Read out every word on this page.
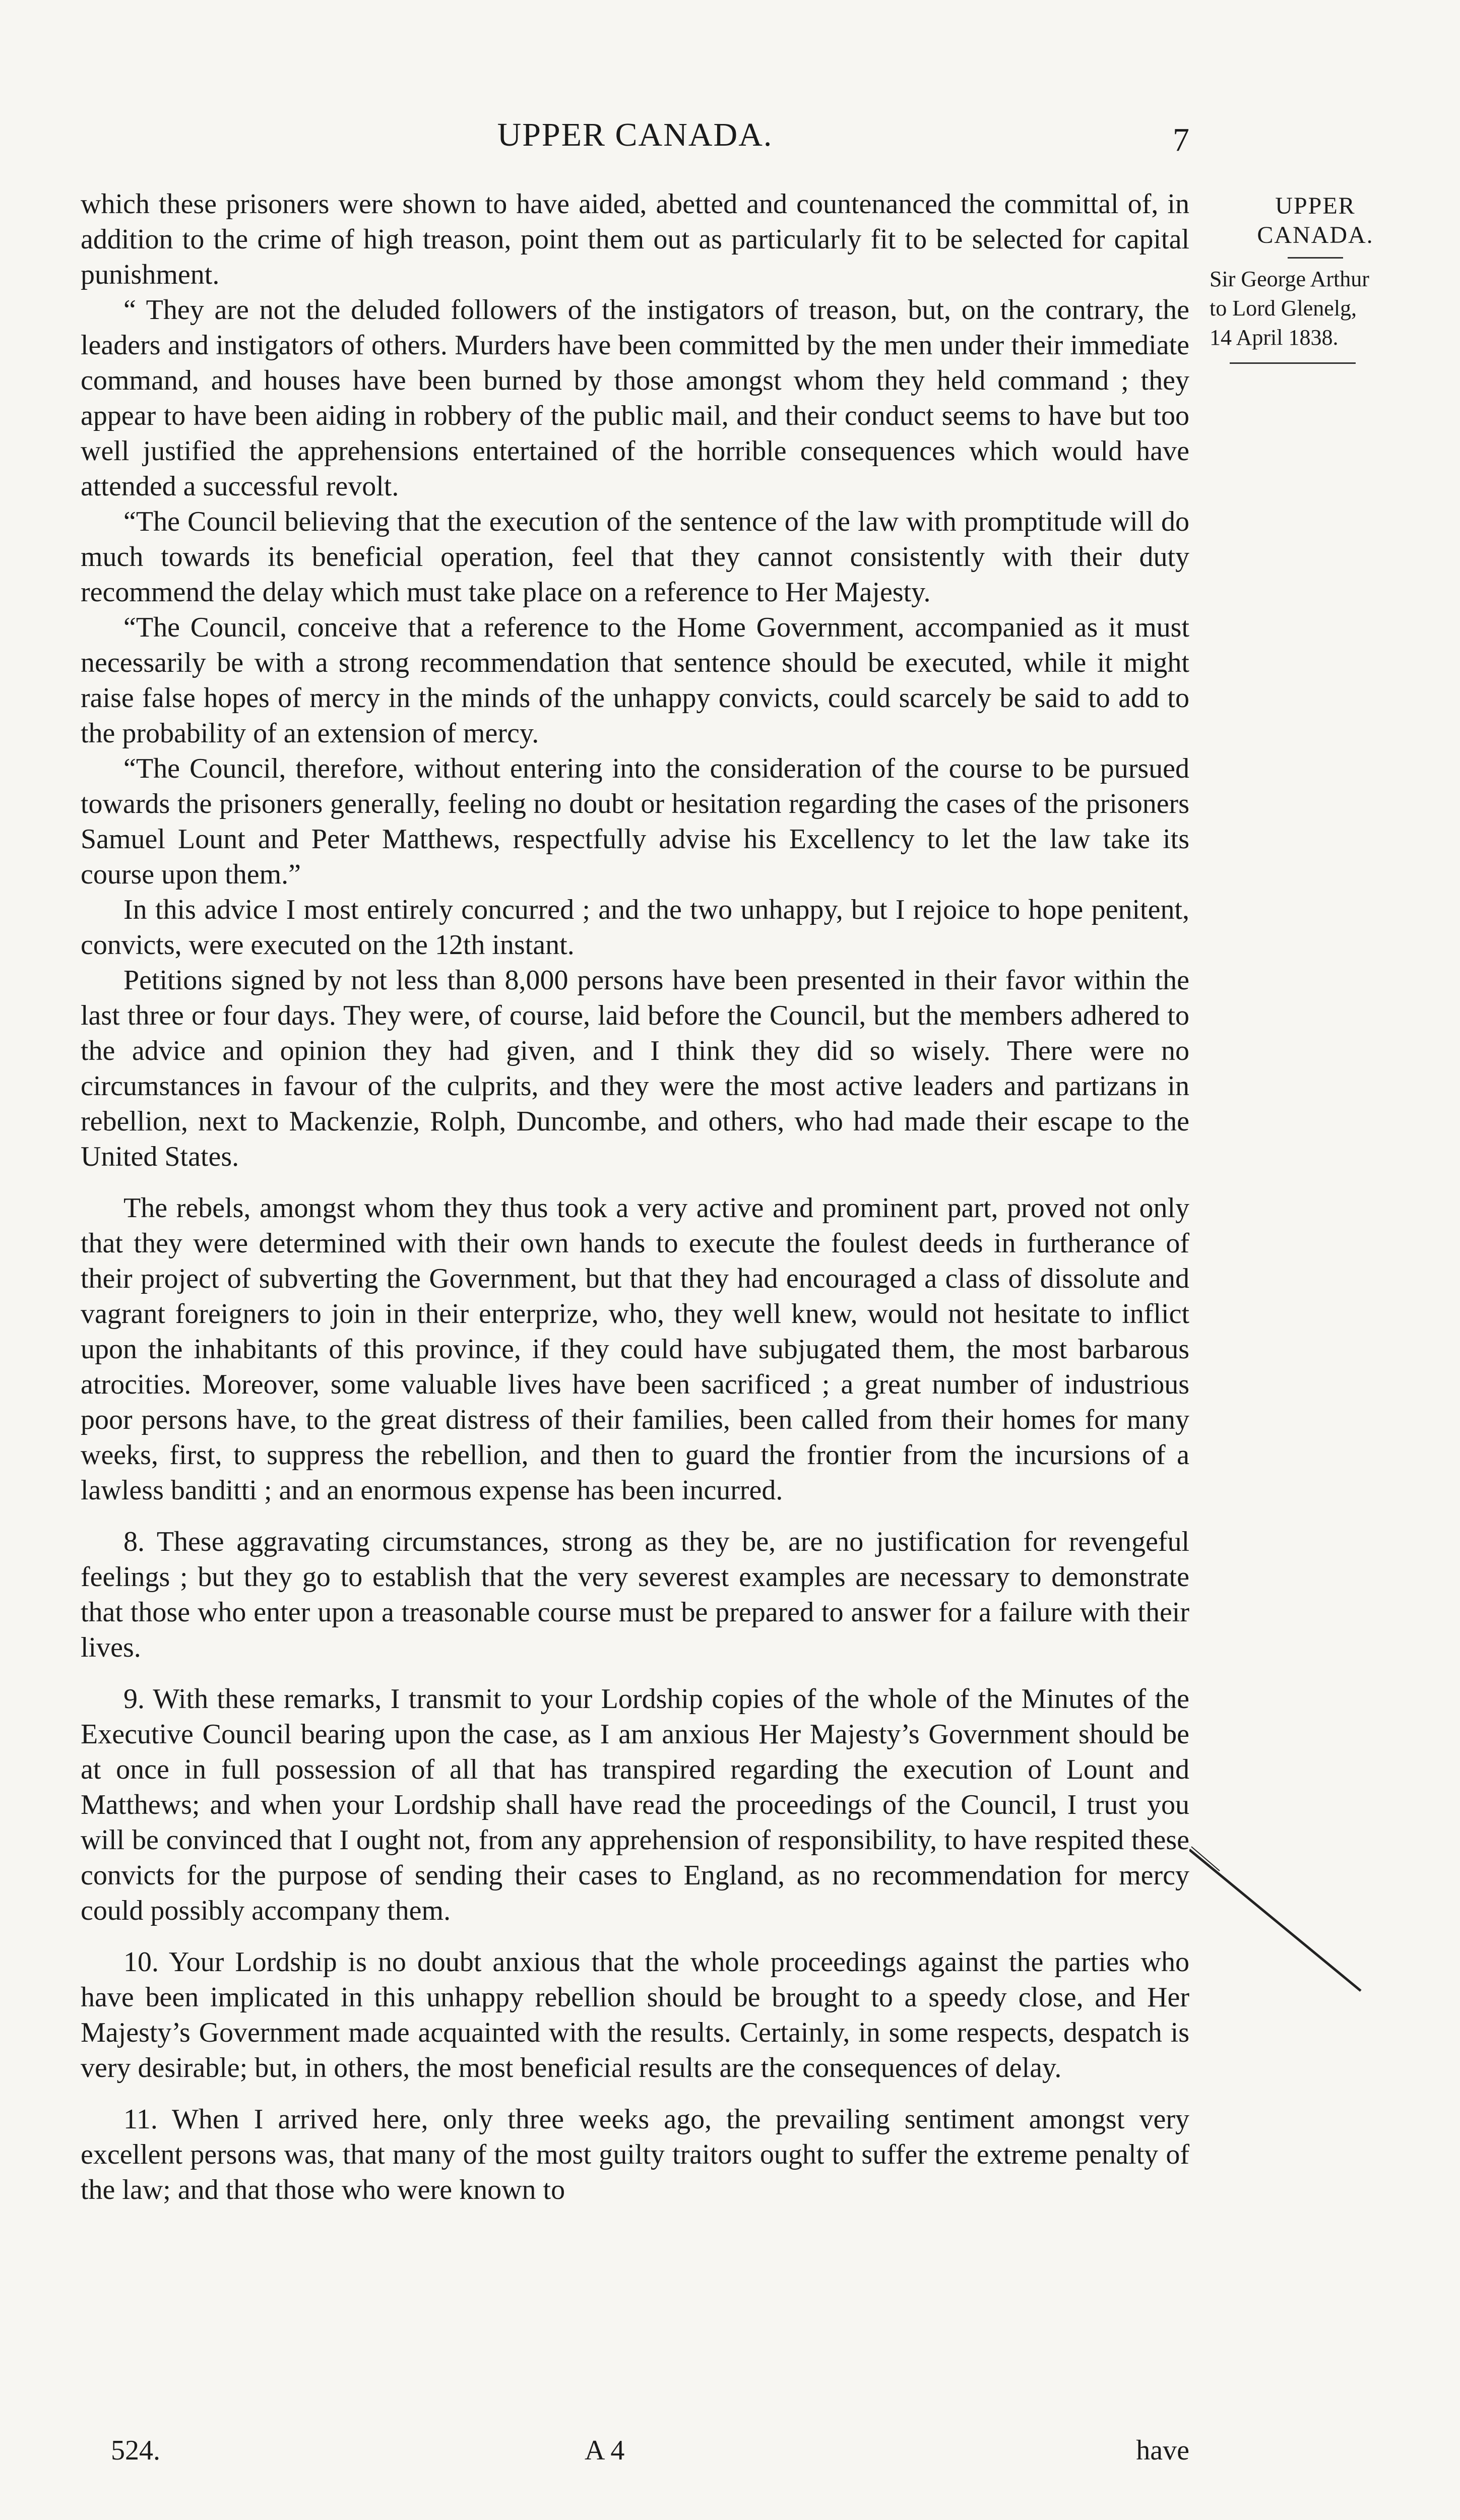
UPPER CANADA.	7

which these prisoners were shown to have aided, abetted and countenanced the committal of, in addition to the crime of high treason, point them out as particularly fit to be selected for capital punishment.

“ They are not the deluded followers of the instigators of treason, but, on the contrary, the leaders and instigators of others. Murders have been committed by the men under their immediate command, and houses have been burned by those amongst whom they held command ; they appear to have been aiding in robbery of the public mail, and their conduct seems to have but too well justified the apprehensions entertained of the horrible consequences which would have attended a successful revolt.

“The Council believing that the execution of the sentence of the law with promptitude will do much towards its beneficial operation, feel that they cannot consistently with their duty recommend the delay which must take place on a reference to Her Majesty.

“The Council, conceive that a reference to the Home Government, accompanied as it must necessarily be with a strong recommendation that sentence should be executed, while it might raise false hopes of mercy in the minds of the unhappy convicts, could scarcely be said to add to the probability of an extension of mercy.

“The Council, therefore, without entering into the consideration of the course to be pursued towards the prisoners generally, feeling no doubt or hesitation regarding the cases of the prisoners Samuel Lount and Peter Matthews, respectfully advise his Excellency to let the law take its course upon them.”

In this advice I most entirely concurred ; and the two unhappy, but I rejoice to hope penitent, convicts, were executed on the 12th instant.

Petitions signed by not less than 8,000 persons have been presented in their favor within the last three or four days. They were, of course, laid before the Council, but the members adhered to the advice and opinion they had given, and I think they did so wisely. There were no circumstances in favour of the culprits, and they were the most active leaders and partizans in rebellion, next to Mackenzie, Rolph, Duncombe, and others, who had made their escape to the United States.

The rebels, amongst whom they thus took a very active and prominent part, proved not only that they were determined with their own hands to execute the foulest deeds in furtherance of their project of subverting the Government, but that they had encouraged a class of dissolute and vagrant foreigners to join in their enterprize, who, they well knew, would not hesitate to inflict upon the inhabitants of this province, if they could have subjugated them, the most barbarous atrocities. Moreover, some valuable lives have been sacrificed ; a great number of industrious poor persons have, to the great distress of their families, been called from their homes for many weeks, first, to suppress the rebellion, and then to guard the frontier from the incursions of a lawless banditti ; and an enormous expense has been incurred.

8. These aggravating circumstances, strong as they be, are no justification for revengeful feelings ; but they go to establish that the very severest examples are necessary to demonstrate that those who enter upon a treasonable course must be prepared to answer for a failure with their lives.

9. With these remarks, I transmit to your Lordship copies of the whole of the Minutes of the Executive Council bearing upon the case, as I am anxious Her Majesty’s Government should be at once in full possession of all that has transpired regarding the execution of Lount and Matthews; and when your Lordship shall have read the proceedings of the Council, I trust you will be convinced that I ought not, from any apprehension of responsibility, to have respited these convicts for the purpose of sending their cases to England, as no recommendation for mercy could possibly accompany them.

10. Your Lordship is no doubt anxious that the whole proceedings against the parties who have been implicated in this unhappy rebellion should be brought to a speedy close, and Her Majesty’s Government made acquainted with the results. Certainly, in some respects, despatch is very desirable; but, in others, the most beneficial results are the consequences of delay.

11. When I arrived here, only three weeks ago, the prevailing sentiment amongst very excellent persons was, that many of the most guilty traitors ought to suffer the extreme penalty of the law; and that those who were known to

UPPER
CANADA.
Sir George Arthur
to Lord Glenelg,
14 April 1838.
524.	A 4	have
